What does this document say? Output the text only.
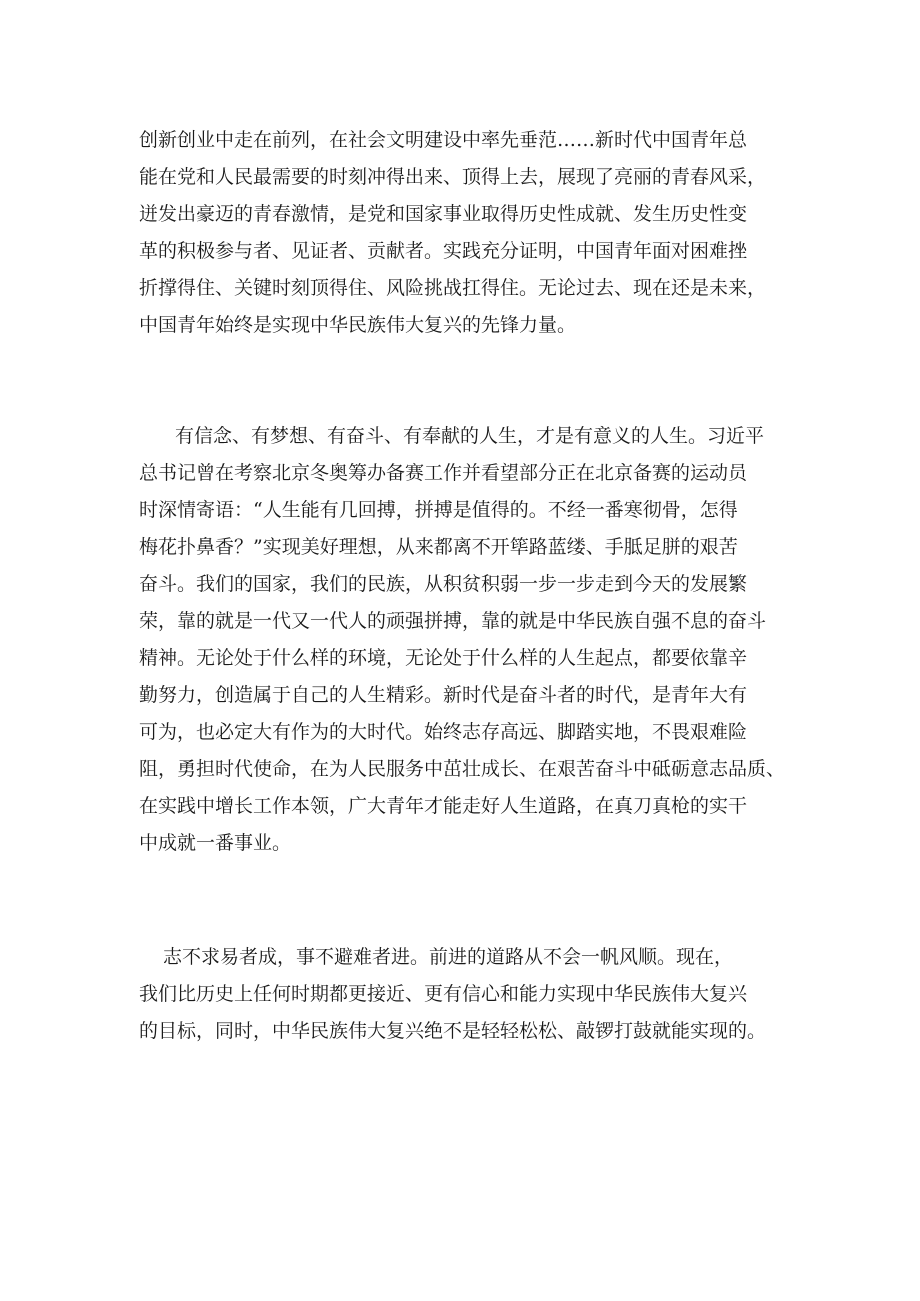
创新创业中走在前列，在社会文明建设中率先垂范……新时代中国青年总
能在党和人民最需要的时刻冲得出来、顶得上去，展现了亮丽的青春风采，
迸发出豪迈的青春激情，是党和国家事业取得历史性成就、发生历史性变
革的积极参与者、见证者、贡献者。实践充分证明，中国青年面对困难挫
折撑得住、关键时刻顶得住、风险挑战扛得住。无论过去、现在还是未来，
中国青年始终是实现中华民族伟大复兴的先锋力量。
有信念、有梦想、有奋斗、有奉献的人生，才是有意义的人生。习近平
总书记曾在考察北京冬奥筹办备赛工作并看望部分正在北京备赛的运动员
时深情寄语：“人生能有几回搏，拼搏是值得的。不经一番寒彻骨，怎得
梅花扑鼻香？”实现美好理想，从来都离不开筚路蓝缕、手胝足胼的艰苦
奋斗。我们的国家，我们的民族，从积贫积弱一步一步走到今天的发展繁
荣，靠的就是一代又一代人的顽强拼搏，靠的就是中华民族自强不息的奋斗
精神。无论处于什么样的环境，无论处于什么样的人生起点，都要依靠辛
勤努力，创造属于自己的人生精彩。新时代是奋斗者的时代，是青年大有
可为，也必定大有作为的大时代。始终志存高远、脚踏实地，不畏艰难险
阻，勇担时代使命，在为人民服务中茁壮成长、在艰苦奋斗中砥砺意志品质、
在实践中增长工作本领，广大青年才能走好人生道路，在真刀真枪的实干
中成就一番事业。
志不求易者成，事不避难者进。前进的道路从不会一帆风顺。现在，
我们比历史上任何时期都更接近、更有信心和能力实现中华民族伟大复兴
的目标，同时，中华民族伟大复兴绝不是轻轻松松、敲锣打鼓就能实现的。
